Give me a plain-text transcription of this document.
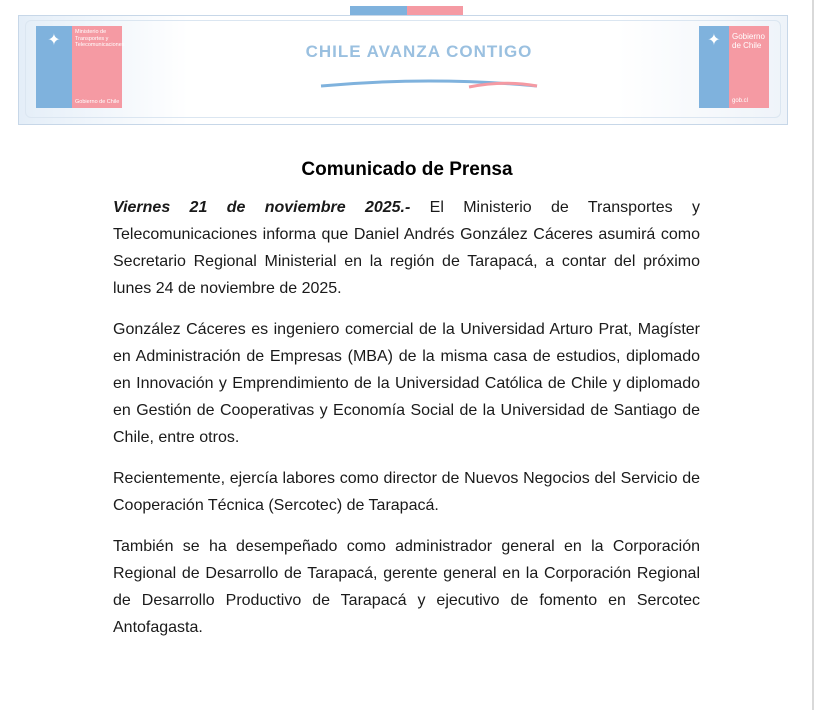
✦	Ministerio de
Transportes y
Telecomunicaciones
Gobierno de Chile
CHILE AVANZA CONTIGO
✦	Gobierno
de Chile
gob.cl
Comunicado de Prensa

Viernes 21 de noviembre 2025.- El Ministerio de Transportes y Telecomunicaciones informa que Daniel Andrés González Cáceres asumirá como Secretario Regional Ministerial en la región de Tarapacá, a contar del próximo lunes 24 de noviembre de 2025.

González Cáceres es ingeniero comercial de la Universidad Arturo Prat, Magíster en Administración de Empresas (MBA) de la misma casa de estudios, diplomado en Innovación y Emprendimiento de la Universidad Católica de Chile y diplomado en Gestión de Cooperativas y Economía Social de la Universidad de Santiago de Chile, entre otros.

Recientemente, ejercía labores como director de Nuevos Negocios del Servicio de Cooperación Técnica (Sercotec) de Tarapacá.

También se ha desempeñado como administrador general en la Corporación Regional de Desarrollo de Tarapacá, gerente general en la Corporación Regional de Desarrollo Productivo de Tarapacá y ejecutivo de fomento en Sercotec Antofagasta.
